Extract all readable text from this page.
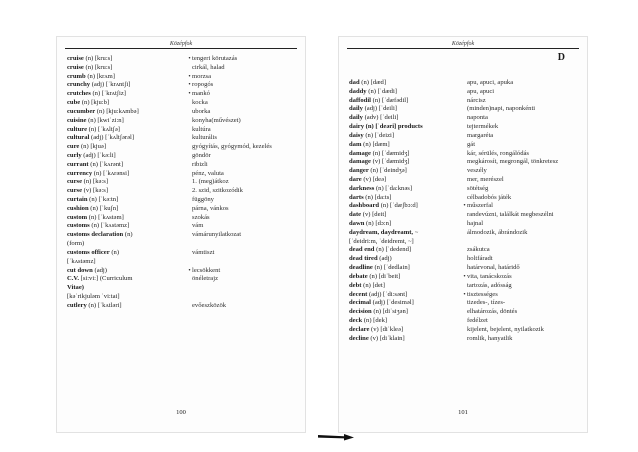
Középfok
cruise (n) [kru:s]	• tengeri körutazás
cruise (n) [kru:s]	cirkál, halad
crumb (n) [krʌm]	• morzsa
crunchy (adj) [ˈkrʌntʃi]	• ropogós
crutches (n) [ˈkrʌtʃiz]	• mankó
cube (n) [kju:b]	kocka
cucumber (n) [kju:kʌmbə]	uborka
cuisine (n) [kwiˈzi:n]	konyha(művészet)
culture (n) [ˈkʌltʃə]	kultúra
cultural (adj) [ˈkʌltʃərəl]	kulturális
cure (n) [kjuə]	gyógyítás, gyógymód, kezelés
curly (adj) [ˈkə:li]	göndör
currant (n) [ˈkʌrənt]	ribizli
currency (n) [ˈkʌrənsi]	pénz, valuta
curse (n) [kə:s]	1. (meg)átkoz
curse (v) [kə:s]	2. szid, szitkozódik
curtain (n) [ˈkə:tn]	függöny
cushion (n) [ˈkuʃn]	párna, vánkos
custom (n) [ˈkʌstəm]	szokás
customs (n) [ˈkʌstəmz]	vám
customs declaration (n)	vámárunyilatkozat
(form)
customs officer (n)	vámtiszt
[ˈkʌstəmz]
cut down (adj)	• lecsökkent
C.V. [si:vi:] (Curriculum	önéletrajz
Vitae)
[kəˈrikjuləm ˈvi:tai]
cutlery (n) [ˈkʌtləri]	evőeszközök
100
Középfok
D
dad (n) [dæd]	apu, apuci, apuka
daddy (n) [ˈdædi]	apu, apuci
daffodil (n) [ˈdæfədil]	nárcisz
daily (adj) [ˈdeili]	(minden)napi, naponkénti
daily (adv) [ˈdeili]	naponta
dairy (n) [ˈdeəri] products	tejtermékek
daisy (n) [ˈdeizi]	margaréta
dam (n) [dæm]	gát
damage (n) [ˈdæmidʒ]	kár, sérülés, rongálódás
damage (v) [ˈdæmidʒ]	megkárosít, megrongál, tönkretesz
danger (n) [ˈdeindʒə]	veszély
dare (v) [deə]	mer, merészel
darkness (n) [ˈda:knəs]	sötétség
darts (n) [da:ts]	célbadobós játék
dashboard (n) [ˈdæʃbɔ:d]	• műszerfal
date (v) [deit]	randevúzni, találkát megbeszélni
dawn (n) [dɔ:n]	hajnal
daydream, daydreamt, ~	álmodozik, ábrándozik
[ˈdeidri:m, ˈdeidremt, ~]
dead end (n) [ˈdedend]	zsákutca
dead tired (adj)	holtfáradt
deadline (n) [ˈdedlain]	határvonal, határidő
debate (n) [diˈbeit]	• vita, tanácskozás
debt (n) [det]	tartozás, adósság
decent (adj) [ˈdi:sənt]	• tisztességes
decimal (adj) [ˈdesiməl]	tizedes-, tízes-
decision (n) [diˈsiʒən]	elhatározás, döntés
deck (n) [dek]	fedélzet
declare (v) [diˈkleə]	kijelent, bejelent, nyilatkozik
decline (v) [diˈklain]	romlik, hanyatlik
101
